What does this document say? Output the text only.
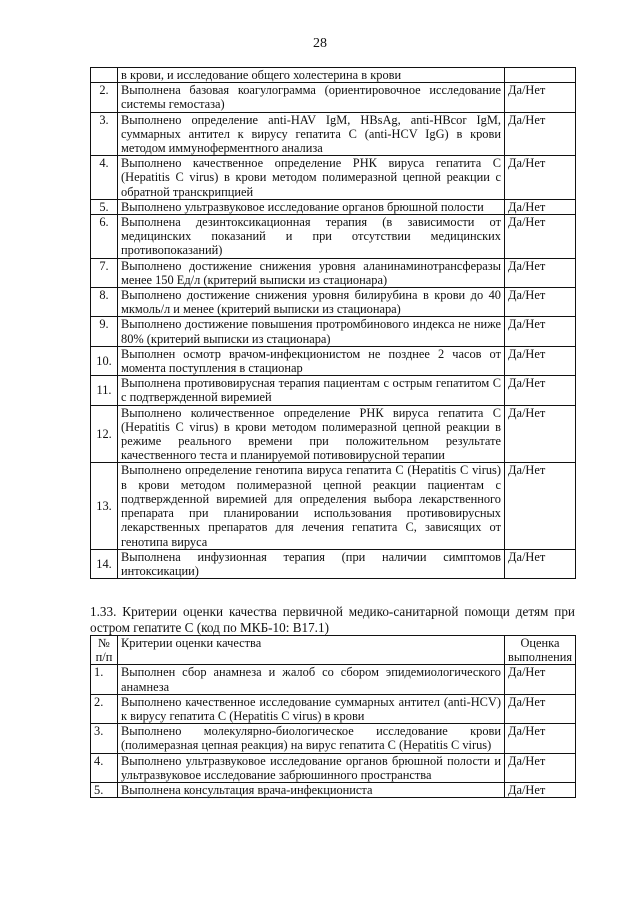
28
	в крови, и исследование общего холестерина в крови	
2.	Выполнена базовая коагулограмма (ориентировочное исследование системы гемостаза)	Да/Нет
3.	Выполнено определение anti-HAV IgM, HBsAg, anti-HBcor IgM, суммарных антител к вирусу гепатита С (anti-HCV IgG) в крови методом иммуноферментного анализа	Да/Нет
4.	Выполнено качественное определение РНК вируса гепатита С (Hepatitis С virus) в крови методом полимеразной цепной реакции с обратной транскрипцией	Да/Нет
5.	Выполнено ультразвуковое исследование органов брюшной полости	Да/Нет
6.	Выполнена дезинтоксикационная терапия (в зависимости от медицинских показаний и при отсутствии медицинских противопоказаний)	Да/Нет
7.	Выполнено достижение снижения уровня аланинаминотрансферазы менее 150 Ед/л (критерий выписки из стационара)	Да/Нет
8.	Выполнено достижение снижения уровня билирубина в крови до 40 мкмоль/л и менее (критерий выписки из стационара)	Да/Нет
9.	Выполнено достижение повышения протромбинового индекса не ниже 80% (критерий выписки из стационара)	Да/Нет
10.	Выполнен осмотр врачом-инфекционистом не позднее 2 часов от момента поступления в стационар	Да/Нет
11.	Выполнена противовирусная терапия пациентам с острым гепатитом С с подтвержденной виремией	Да/Нет
12.	Выполнено количественное определение РНК вируса гепатита С (Hepatitis С virus) в крови методом полимеразной цепной реакции в режиме реального времени при положительном результате качественного теста и планируемой потивовирусной терапии	Да/Нет
13.	Выполнено определение генотипа вируса гепатита С (Hepatitis С virus) в крови методом полимеразной цепной реакции пациентам с подтвержденной виремией для определения выбора лекарственного препарата при планировании использования противовирусных лекарственных препаратов для лечения гепатита С, зависящих от генотипа вируса	Да/Нет
14.	Выполнена инфузионная терапия (при наличии симптомов интоксикации)	Да/Нет
1.33. Критерии оценки качества первичной медико-санитарной помощи детям при остром гепатите С (код по МКБ-10: В17.1)
№ п/п	Критерии оценки качества	Оценка выполнения
1.	Выполнен сбор анамнеза и жалоб со сбором эпидемиологического анамнеза	Да/Нет
2.	Выполнено качественное исследование суммарных антител (anti-HCV) к вирусу гепатита С (Hepatitis С virus) в крови	Да/Нет
3.	Выполнено молекулярно-биологическое исследование крови (полимеразная цепная реакция) на вирус гепатита С (Hepatitis С virus)	Да/Нет
4.	Выполнено ультразвуковое исследование органов брюшной полости и ультразвуковое исследование забрюшинного пространства	Да/Нет
5.	Выполнена консультация врача-инфекциониста	Да/Нет
